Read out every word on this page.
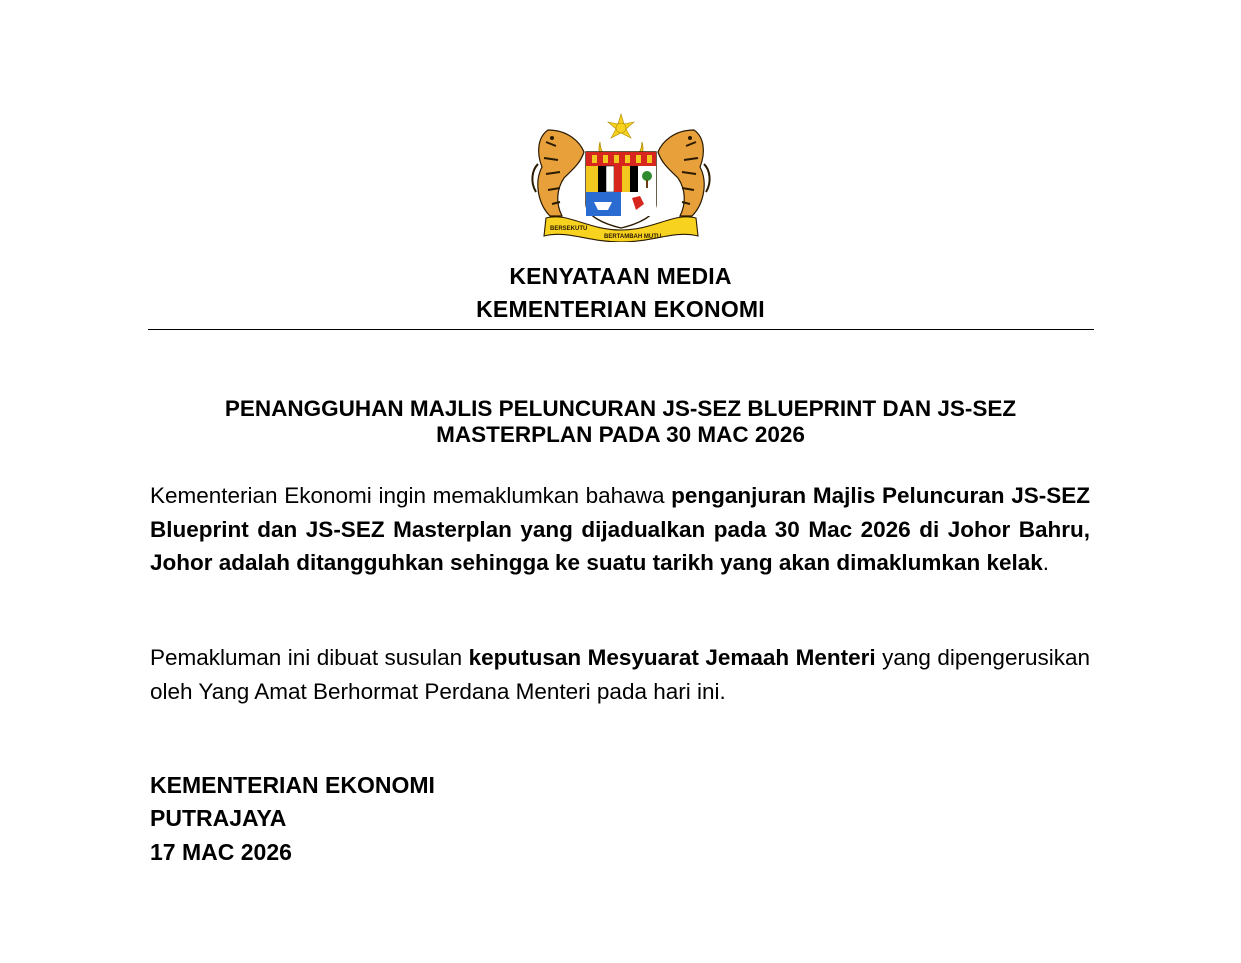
BERSEKUTU
BERTAMBAH MUTU
KENYATAAN MEDIA
KEMENTERIAN EKONOMI
PENANGGUHAN MAJLIS PELUNCURAN JS-SEZ BLUEPRINT DAN JS-SEZ
MASTERPLAN PADA 30 MAC 2026
Kementerian Ekonomi ingin memaklumkan bahawa penganjuran Majlis Peluncuran JS-SEZ Blueprint dan JS-SEZ Masterplan yang dijadualkan pada 30 Mac 2026 di Johor Bahru, Johor adalah ditangguhkan sehingga ke suatu tarikh yang akan dimaklumkan kelak.
Pemakluman ini dibuat susulan keputusan Mesyuarat Jemaah Menteri yang dipengerusikan oleh Yang Amat Berhormat Perdana Menteri pada hari ini.
KEMENTERIAN EKONOMI
PUTRAJAYA
17 MAC 2026
